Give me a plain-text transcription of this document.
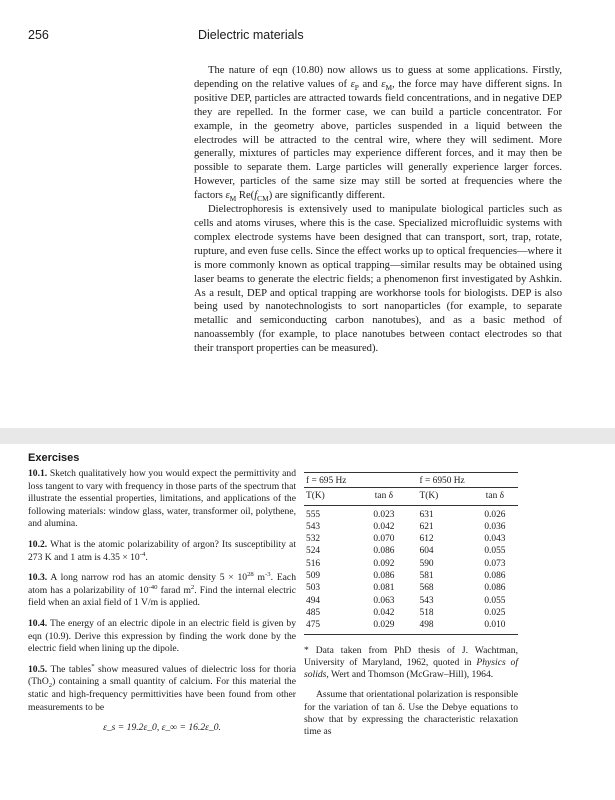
256	Dielectric materials

The nature of eqn (10.80) now allows us to guess at some applications. Firstly, depending on the relative values of $\varepsilon_P$ and $\varepsilon_M$, the force may have different signs. In positive DEP, particles are attracted towards field concentrations, and in negative DEP they are repelled. In the former case, we can build a particle concentrator. For example, in the geometry above, particles suspended in a liquid between the electrodes will be attracted to the central wire, where they will sediment. More generally, mixtures of particles may experience different forces, and it may then be possible to separate them. Large particles will generally experience larger forces. However, particles of the same size may still be sorted at frequencies where the factors $\varepsilon_M$ $Re(f_{CM})$ are significantly different.

Dielectrophoresis is extensively used to manipulate biological particles such as cells and atoms viruses, where this is the case. Specialized microfluidic systems with complex electrode systems have been designed that can transport, sort, trap, rotate, rupture, and even fuse cells. Since the effect works up to optical frequencies—where it is more commonly known as optical trapping—similar results may be obtained using laser beams to generate the electric fields; a phenomenon first investigated by Ashkin. As a result, DEP and optical trapping are workhorse tools for biologists. DEP is also being used by nanotechnologists to sort nanoparticles (for example, to separate metallic and semiconducting carbon nanotubes), and as a basic method of nanoassembly (for example, to place nanotubes between contact electrodes so that their transport properties can be measured).

Exercises

10.1. Sketch qualitatively how you would expect the permittivity and loss tangent to vary with frequency in those parts of the spectrum that illustrate the essential properties, limitations, and applications of the following materials: window glass, water, transformer oil, polythene, and alumina.

10.2. What is the atomic polarizability of argon? Its susceptibility at 273 K and 1 atm is $4.35 \times 10^{-4}$.

10.3. A long narrow rod has an atomic density $5 \times 10^{28}$ $m^{-3}$. Each atom has a polarizability of $10^{-40}$ farad $m^2$. Find the internal electric field when an axial field of 1 V/m is applied.

10.4. The energy of an electric dipole in an electric field is given by eqn (10.9). Derive this expression by finding the work done by the electric field when lining up the dipole.

10.5. The tables* show measured values of dielectric loss for thoria (ThO$_2$) containing a small quantity of calcium. For this material the static and high-frequency permittivities have been found from other measurements to be

ε_s = 19.2ε_0, ε_∞ = 16.2ε_0.
f = 695 Hz		f = 6950 Hz	
T(K)	tan δ	T(K)	tan δ
555	0.023	631	0.026
543	0.042	621	0.036
532	0.070	612	0.043
524	0.086	604	0.055
516	0.092	590	0.073
509	0.086	581	0.086
503	0.081	568	0.086
494	0.063	543	0.055
485	0.042	518	0.025
475	0.029	498	0.010
* Data taken from PhD thesis of J. Wachtman, University of Maryland, 1962, quoted in Physics of solids, Wert and Thomson (McGraw–Hill), 1964.
Assume that orientational polarization is responsible for the variation of tan δ. Use the Debye equations to show that by expressing the characteristic relaxation time as
